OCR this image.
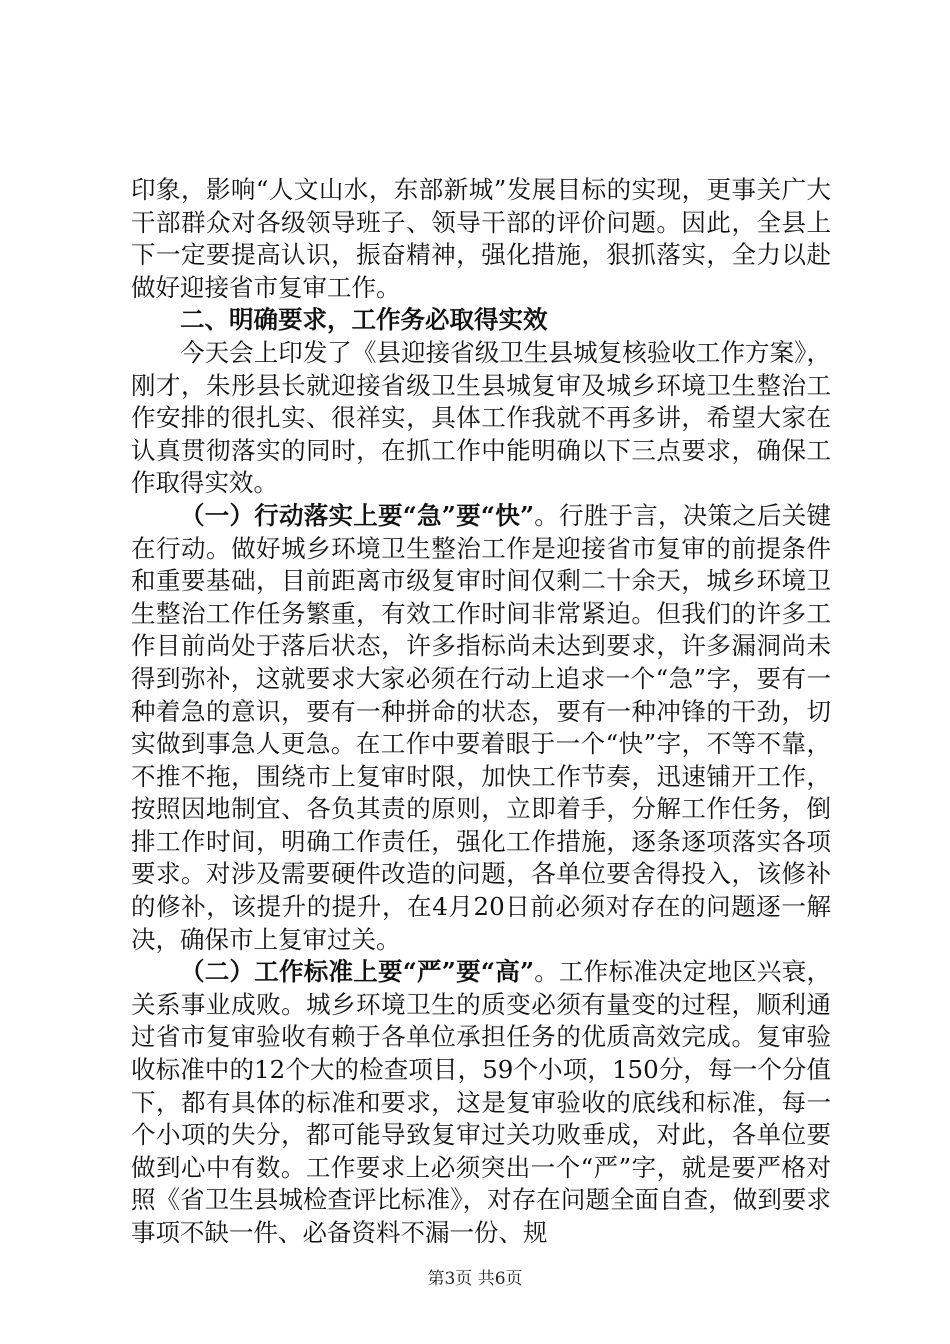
印象，影响“人文山水，东部新城”发展目标的实现，更事关广大干部群众对各级领导班子、领导干部的评价问题。因此，全县上下一定要提高认识，振奋精神，强化措施，狠抓落实，全力以赴做好迎接省市复审工作。

二、明确要求，工作务必取得实效

今天会上印发了《县迎接省级卫生县城复核验收工作方案》，刚才，朱彤县长就迎接省级卫生县城复审及城乡环境卫生整治工作安排的很扎实、很祥实，具体工作我就不再多讲，希望大家在认真贯彻落实的同时，在抓工作中能明确以下三点要求，确保工作取得实效。

（一）行动落实上要“急”要“快”。行胜于言，决策之后关键在行动。做好城乡环境卫生整治工作是迎接省市复审的前提条件和重要基础，目前距离市级复审时间仅剩二十余天，城乡环境卫生整治工作任务繁重，有效工作时间非常紧迫。但我们的许多工作目前尚处于落后状态，许多指标尚未达到要求，许多漏洞尚未得到弥补，这就要求大家必须在行动上追求一个“急”字，要有一种着急的意识，要有一种拼命的状态，要有一种冲锋的干劲，切实做到事急人更急。在工作中要着眼于一个“快”字，不等不靠，不推不拖，围绕市上复审时限，加快工作节奏，迅速铺开工作，按照因地制宜、各负其责的原则，立即着手，分解工作任务，倒排工作时间，明确工作责任，强化工作措施，逐条逐项落实各项要求。对涉及需要硬件改造的问题，各单位要舍得投入，该修补的修补，该提升的提升，在4月20日前必须对存在的问题逐一解决，确保市上复审过关。

（二）工作标准上要“严”要“高”。工作标准决定地区兴衰，关系事业成败。城乡环境卫生的质变必须有量变的过程，顺利通过省市复审验收有赖于各单位承担任务的优质高效完成。复审验收标准中的12个大的检查项目，59个小项，150分，每一个分值下，都有具体的标准和要求，这是复审验收的底线和标准，每一个小项的失分，都可能导致复审过关功败垂成，对此，各单位要做到心中有数。工作要求上必须突出一个“严”字，就是要严格对照《省卫生县城检查评比标准》，对存在问题全面自查，做到要求事项不缺一件、必备资料不漏一份、规

第3页 共6页
